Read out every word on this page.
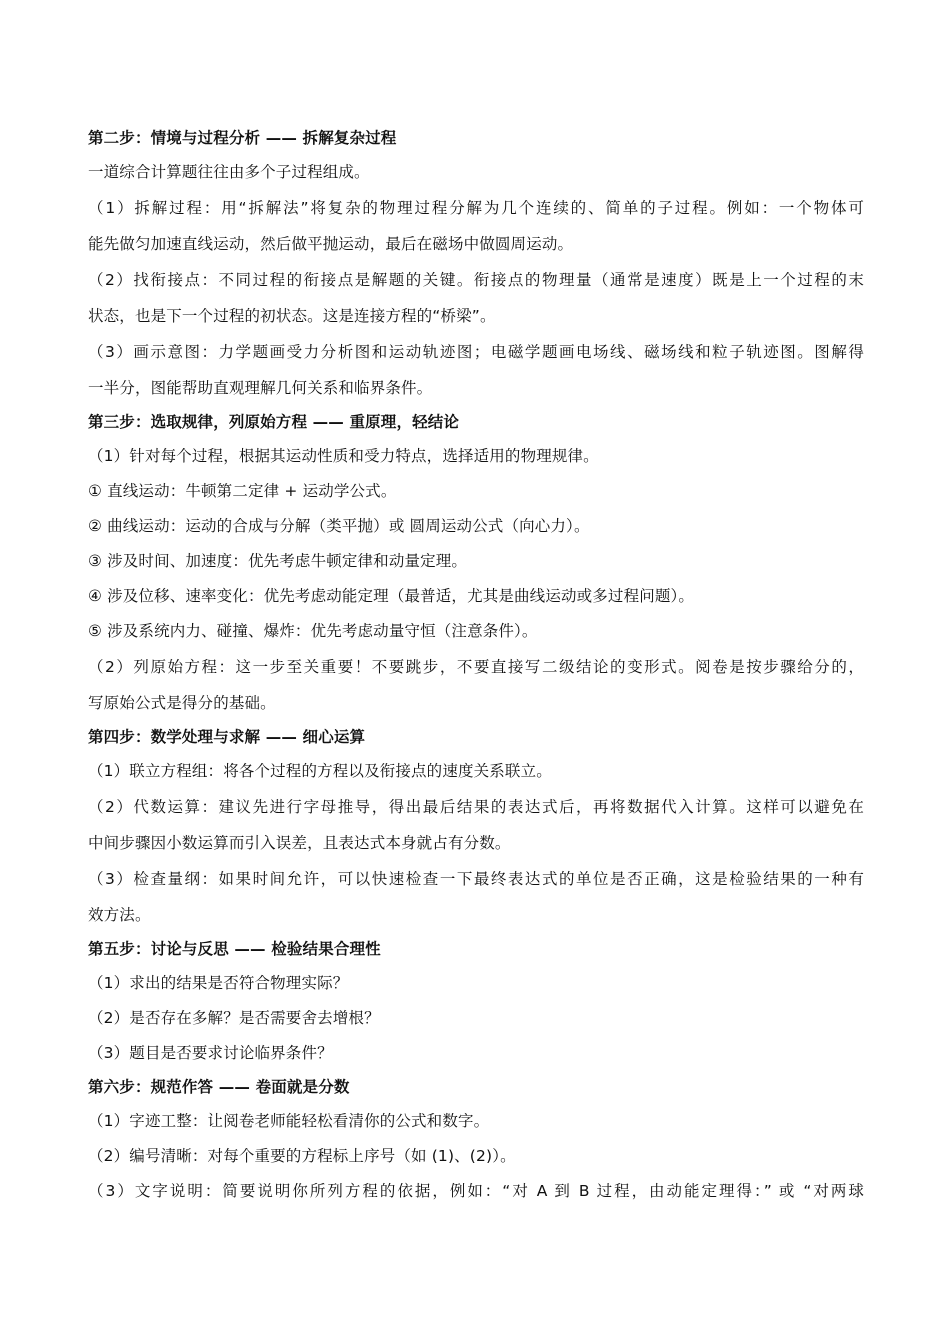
第二步：情境与过程分析 —— 拆解复杂过程
一道综合计算题往往由多个子过程组成。
（1）拆解过程：用“拆解法”将复杂的物理过程分解为几个连续的、简单的子过程。例如：一个物体可
能先做匀加速直线运动，然后做平抛运动，最后在磁场中做圆周运动。
（2）找衔接点：不同过程的衔接点是解题的关键。衔接点的物理量（通常是速度）既是上一个过程的末
状态，也是下一个过程的初状态。这是连接方程的“桥梁”。
（3）画示意图：力学题画受力分析图和运动轨迹图；电磁学题画电场线、磁场线和粒子轨迹图。图解得
一半分，图能帮助直观理解几何关系和临界条件。
第三步：选取规律，列原始方程 —— 重原理，轻结论
（1）针对每个过程，根据其运动性质和受力特点，选择适用的物理规律。
① 直线运动：牛顿第二定律 + 运动学公式。
② 曲线运动：运动的合成与分解（类平抛）或 圆周运动公式（向心力）。
③ 涉及时间、加速度：优先考虑牛顿定律和动量定理。
④ 涉及位移、速率变化：优先考虑动能定理（最普适，尤其是曲线运动或多过程问题）。
⑤ 涉及系统内力、碰撞、爆炸：优先考虑动量守恒（注意条件）。
（2）列原始方程：这一步至关重要！不要跳步，不要直接写二级结论的变形式。阅卷是按步骤给分的，
写原始公式是得分的基础。
第四步：数学处理与求解 —— 细心运算
（1）联立方程组：将各个过程的方程以及衔接点的速度关系联立。
（2）代数运算：建议先进行字母推导，得出最后结果的表达式后，再将数据代入计算。这样可以避免在
中间步骤因小数运算而引入误差，且表达式本身就占有分数。
（3）检查量纲：如果时间允许，可以快速检查一下最终表达式的单位是否正确，这是检验结果的一种有
效方法。
第五步：讨论与反思 —— 检验结果合理性
（1）求出的结果是否符合物理实际？
（2）是否存在多解？是否需要舍去增根？
（3）题目是否要求讨论临界条件？
第六步：规范作答 —— 卷面就是分数
（1）字迹工整：让阅卷老师能轻松看清你的公式和数字。
（2）编号清晰：对每个重要的方程标上序号（如 (1)、(2)）。
（3）文字说明：简要说明你所列方程的依据，例如：“对 A 到 B 过程，由动能定理得：” 或 “对两球
